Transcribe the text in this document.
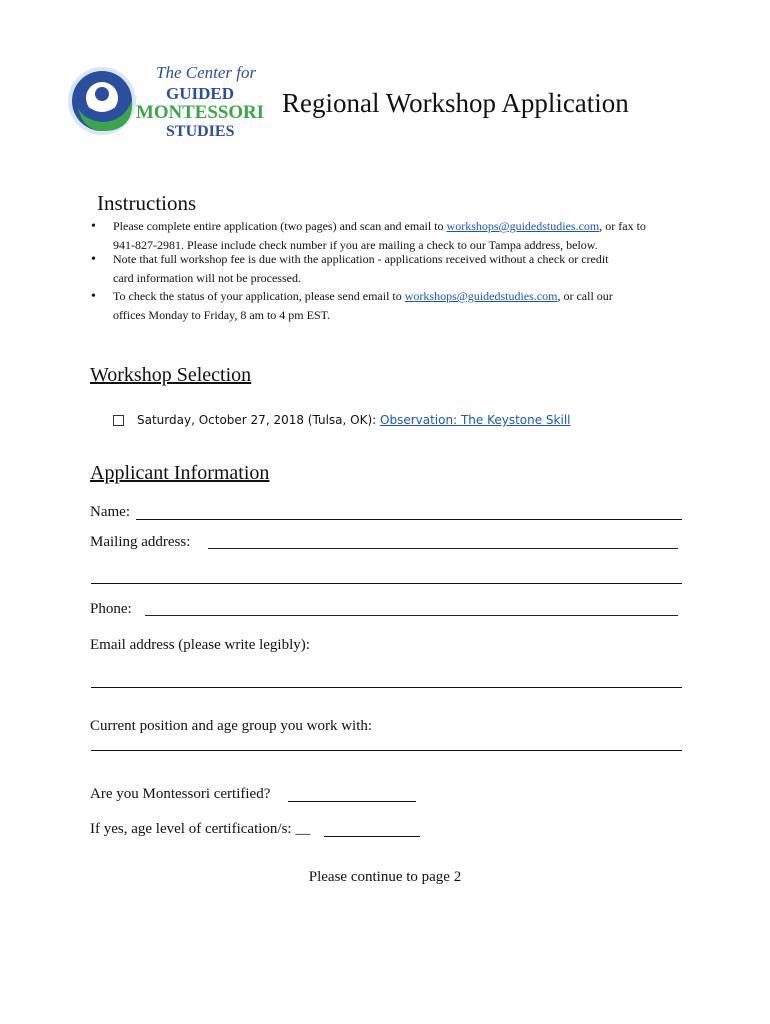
The Center for
GUIDED
MONTESSORI
STUDIES
Regional Workshop Application
Instructions
• Please complete entire application (two pages) and scan and email to workshops@guidedstudies.com, or fax to
941-827-2981. Please include check number if you are mailing a check to our Tampa address, below.
• Note that full workshop fee is due with the application - applications received without a check or credit
card information will not be processed.
• To check the status of your application, please send email to workshops@guidedstudies.com, or call our
offices Monday to Friday, 8 am to 4 pm EST.
Workshop Selection
Saturday, October 27, 2018 (Tulsa, OK): Observation: The Keystone Skill
Applicant Information
Name:
Mailing address:
Phone:
Email address (please write legibly):
Current position and age group you work with:
Are you Montessori certified?
If yes, age level of certification/s: __
Please continue to page 2
